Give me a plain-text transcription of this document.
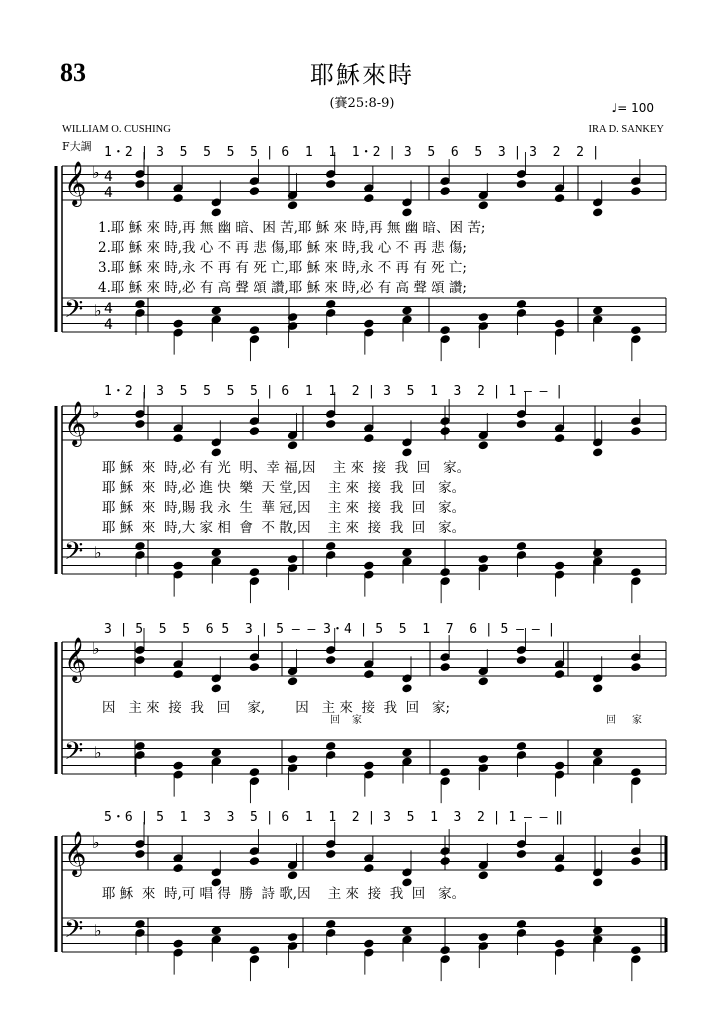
83	耶穌來時
(賽25:8-9)	♩= 100
WILLIAM O. CUSHING	IRA D. SANKEY
F大調 1・2 | 3  5  5  5  5 | 6  1  1  1・2 | 3  5  6  5  3 | 3  2  2 |
1・2 | 3  5  5  5  5 | 6  1  1  2 | 3  5  1  3  2 | 1 – – |
3 | 5  5  5  6 5  3 | 5 – – 3・4 | 5  5  1  7  6 | 5 – – |
5・6 | 5  1  3  3  5 | 6  1  1  2 | 3  5  1  3  2 | 1 – – ‖
𝄞 ♭ 4
4
𝄢 ♭ 4
4
𝄞 ♭
𝄢 ♭
𝄞 ♭
𝄢 ♭
𝄞 ♭
𝄢 ♭
1.耶 穌 來 時,再 無 幽 暗、困 苦,耶 穌 來 時,再 無 幽 暗、困 苦;
2.耶 穌 來 時,我 心 不 再 悲 傷,耶 穌 來 時,我 心 不 再 悲 傷;
3.耶 穌 來 時,永 不 再 有 死 亡,耶 穌 來 時,永 不 再 有 死 亡;
4.耶 穌 來 時,必 有 高 聲 頌 讚,耶 穌 來 時,必 有 高 聲 頌 讚;
耶 穌  來  時,必 有 光  明、幸 福,因    主 來  接  我  回   家。
耶 穌  來  時,必 進 快  樂  天 堂,因    主 來  接  我  回   家。
耶 穌  來  時,賜 我 永  生  華 冠,因    主 來  接  我  回   家。
耶 穌  來  時,大 家 相  會  不 散,因    主 來  接  我  回   家。
因   主 來  接  我   回    家,       因   主 來  接  我  回   家;
回 家	回 家
耶 穌  來  時,可 唱 得  勝  詩 歌,因    主 來  接  我  回   家。
